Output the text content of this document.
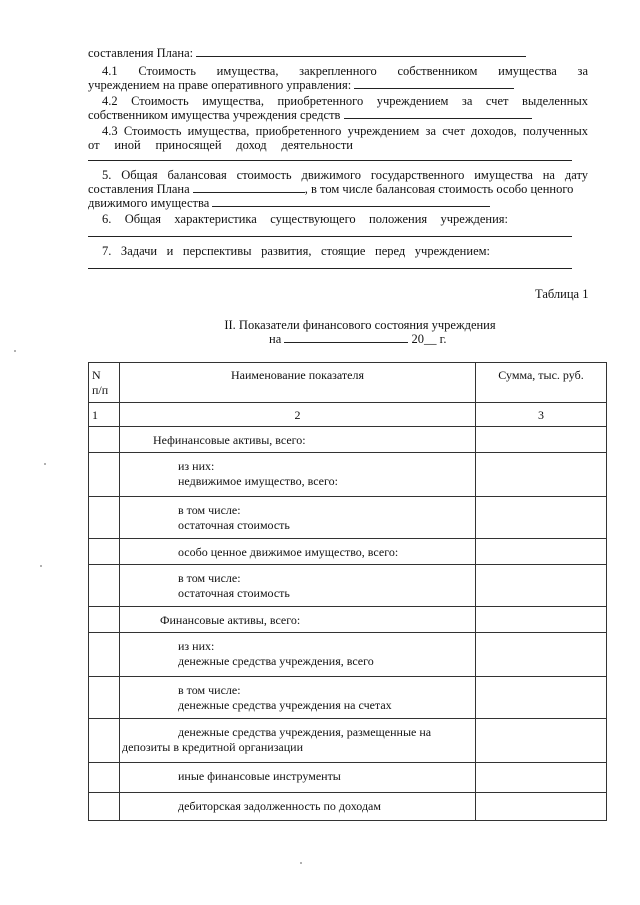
составления Плана:
4.1 Стоимость имущества, закрепленного собственником имущества за
учреждением на праве оперативного управления:
4.2 Стоимость имущества, приобретенного учреждением за счет выделенных
собственником имущества учреждения средств
4.3 Стоимость имущества, приобретенного учреждением за счет доходов, полученных
от иной приносящей доход деятельности
5. Общая балансовая стоимость движимого государственного имущества на дату
составления Плана	, в том числе балансовая стоимость особо ценного
движимого имущества
6. Общая характеристика существующего положения учреждения:
7. Задачи и перспективы развития, стоящие перед учреждением:
Таблица 1
II. Показатели финансового состояния учреждения
на	20__ г.
N п/п	Наименование показателя	Сумма, тыс. руб.

1	2	3

	Нефинансовые активы, всего:	

	из них:
недвижимое имущество, всего:	

	в том числе:
остаточная стоимость	

	особо ценное движимое имущество, всего:	

	в том числе:
остаточная стоимость	

	Финансовые активы, всего:	

	из них:
денежные средства учреждения, всего	

	в том числе:
денежные средства учреждения на счетах	

	денежные средства учреждения, размещенные на депозиты в кредитной организации	

	иные финансовые инструменты	

	дебиторская задолженность по доходам	
